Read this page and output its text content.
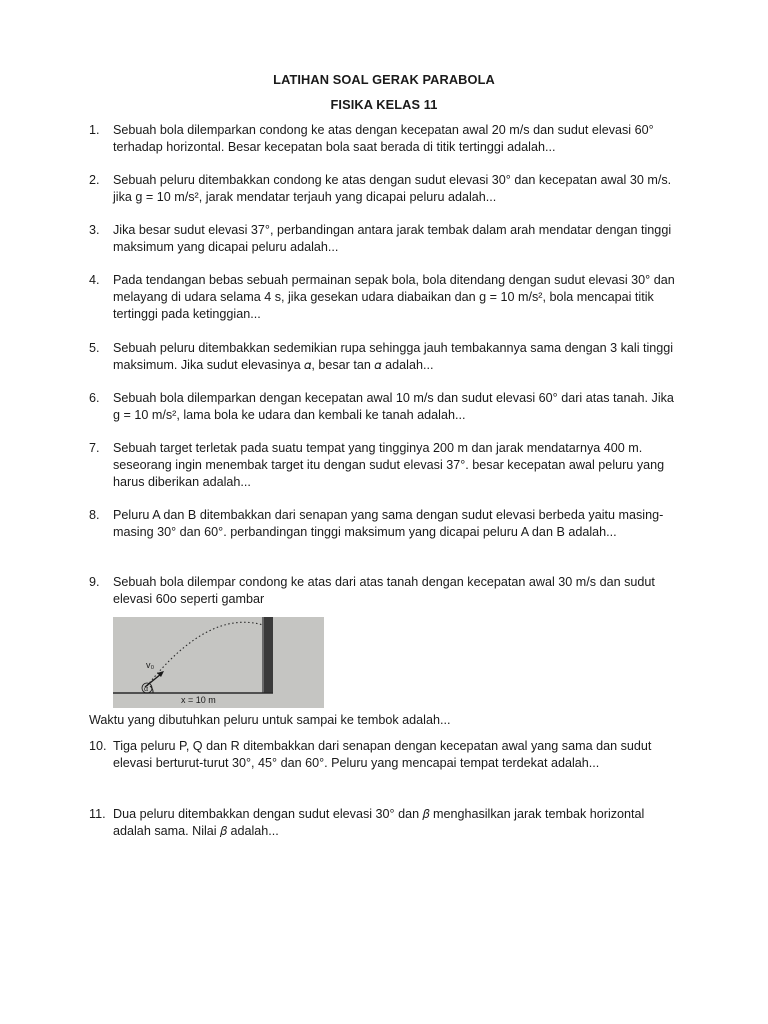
LATIHAN SOAL GERAK PARABOLA
FISIKA KELAS 11
1. Sebuah bola dilemparkan condong ke atas dengan kecepatan awal 20 m/s dan sudut elevasi 60° terhadap horizontal. Besar kecepatan bola saat berada di titik tertinggi adalah...
2. Sebuah peluru ditembakkan condong ke atas dengan sudut elevasi 30° dan kecepatan awal 30 m/s. jika g = 10 m/s², jarak mendatar terjauh yang dicapai peluru adalah...
3. Jika besar sudut elevasi 37°, perbandingan antara jarak tembak dalam arah mendatar dengan tinggi maksimum yang dicapai peluru adalah...
4. Pada tendangan bebas sebuah permainan sepak bola, bola ditendang dengan sudut elevasi 30° dan melayang di udara selama 4 s, jika gesekan udara diabaikan dan g = 10 m/s², bola mencapai titik tertinggi pada ketinggian...
5. Sebuah peluru ditembakkan sedemikian rupa sehingga jauh tembakannya sama dengan 3 kali tinggi maksimum. Jika sudut elevasinya 𝛼, besar tan 𝛼 adalah...
6. Sebuah bola dilemparkan dengan kecepatan awal 10 m/s dan sudut elevasi 60° dari atas tanah. Jika g = 10 m/s², lama bola ke udara dan kembali ke tanah adalah...
7. Sebuah target terletak pada suatu tempat yang tingginya 200 m dan jarak mendatarnya 400 m. seseorang ingin menembak target itu dengan sudut elevasi 37°. besar kecepatan awal peluru yang harus diberikan adalah...
8. Peluru A dan B ditembakkan dari senapan yang sama dengan sudut elevasi berbeda yaitu masing-masing 30° dan 60°. perbandingan tinggi maksimum yang dicapai peluru A dan B adalah...
9. Sebuah bola dilempar condong ke atas dari atas tanah dengan kecepatan awal 30 m/s dan sudut elevasi 60o seperti gambar
v₀
α
x = 10 m
Waktu yang dibutuhkan peluru untuk sampai ke tembok adalah...
10. Tiga peluru P, Q dan R ditembakkan dari senapan dengan kecepatan awal yang sama dan sudut elevasi berturut-turut 30°, 45° dan 60°. Peluru yang mencapai tempat terdekat adalah...
11. Dua peluru ditembakkan dengan sudut elevasi 30° dan 𝛽 menghasilkan jarak tembak horizontal adalah sama. Nilai 𝛽 adalah...
